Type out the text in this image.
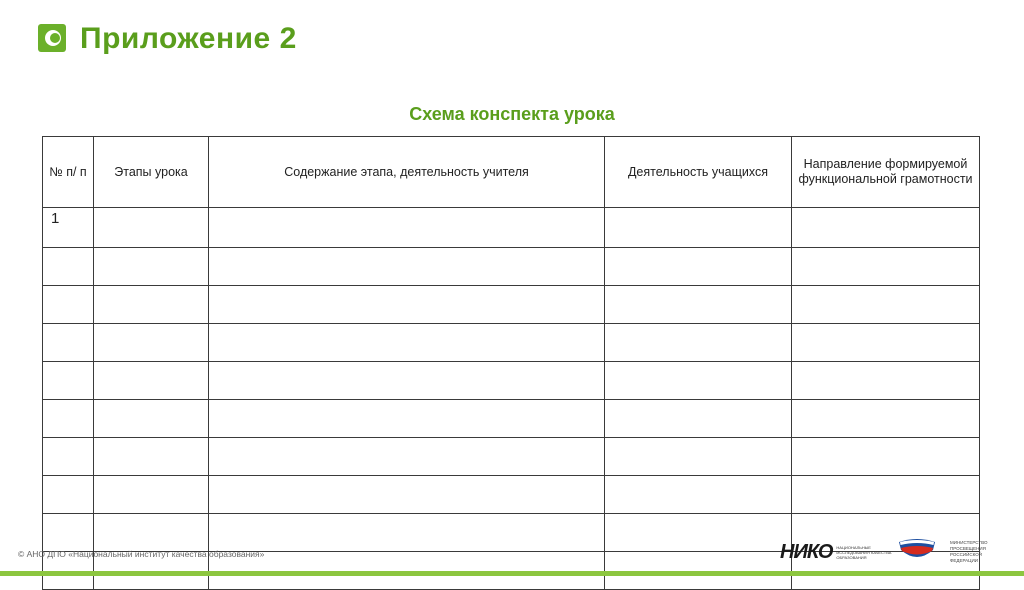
Приложение 2
Схема конспекта урока
№ п/ п	Этапы урока	Содержание этапа, деятельность учителя	Деятельность учащихся	Направление формируемой функциональной грамотности
1				

© АНО ДПО «Национальный институт качества образования»	НИКО НАЦИОНАЛЬНЫЕ ИССЛЕДОВАНИЯ КАЧЕСТВА ОБРАЗОВАНИЯ
МИНИСТЕРСТВО ПРОСВЕЩЕНИЯ РОССИЙСКОЙ ФЕДЕРАЦИИ
